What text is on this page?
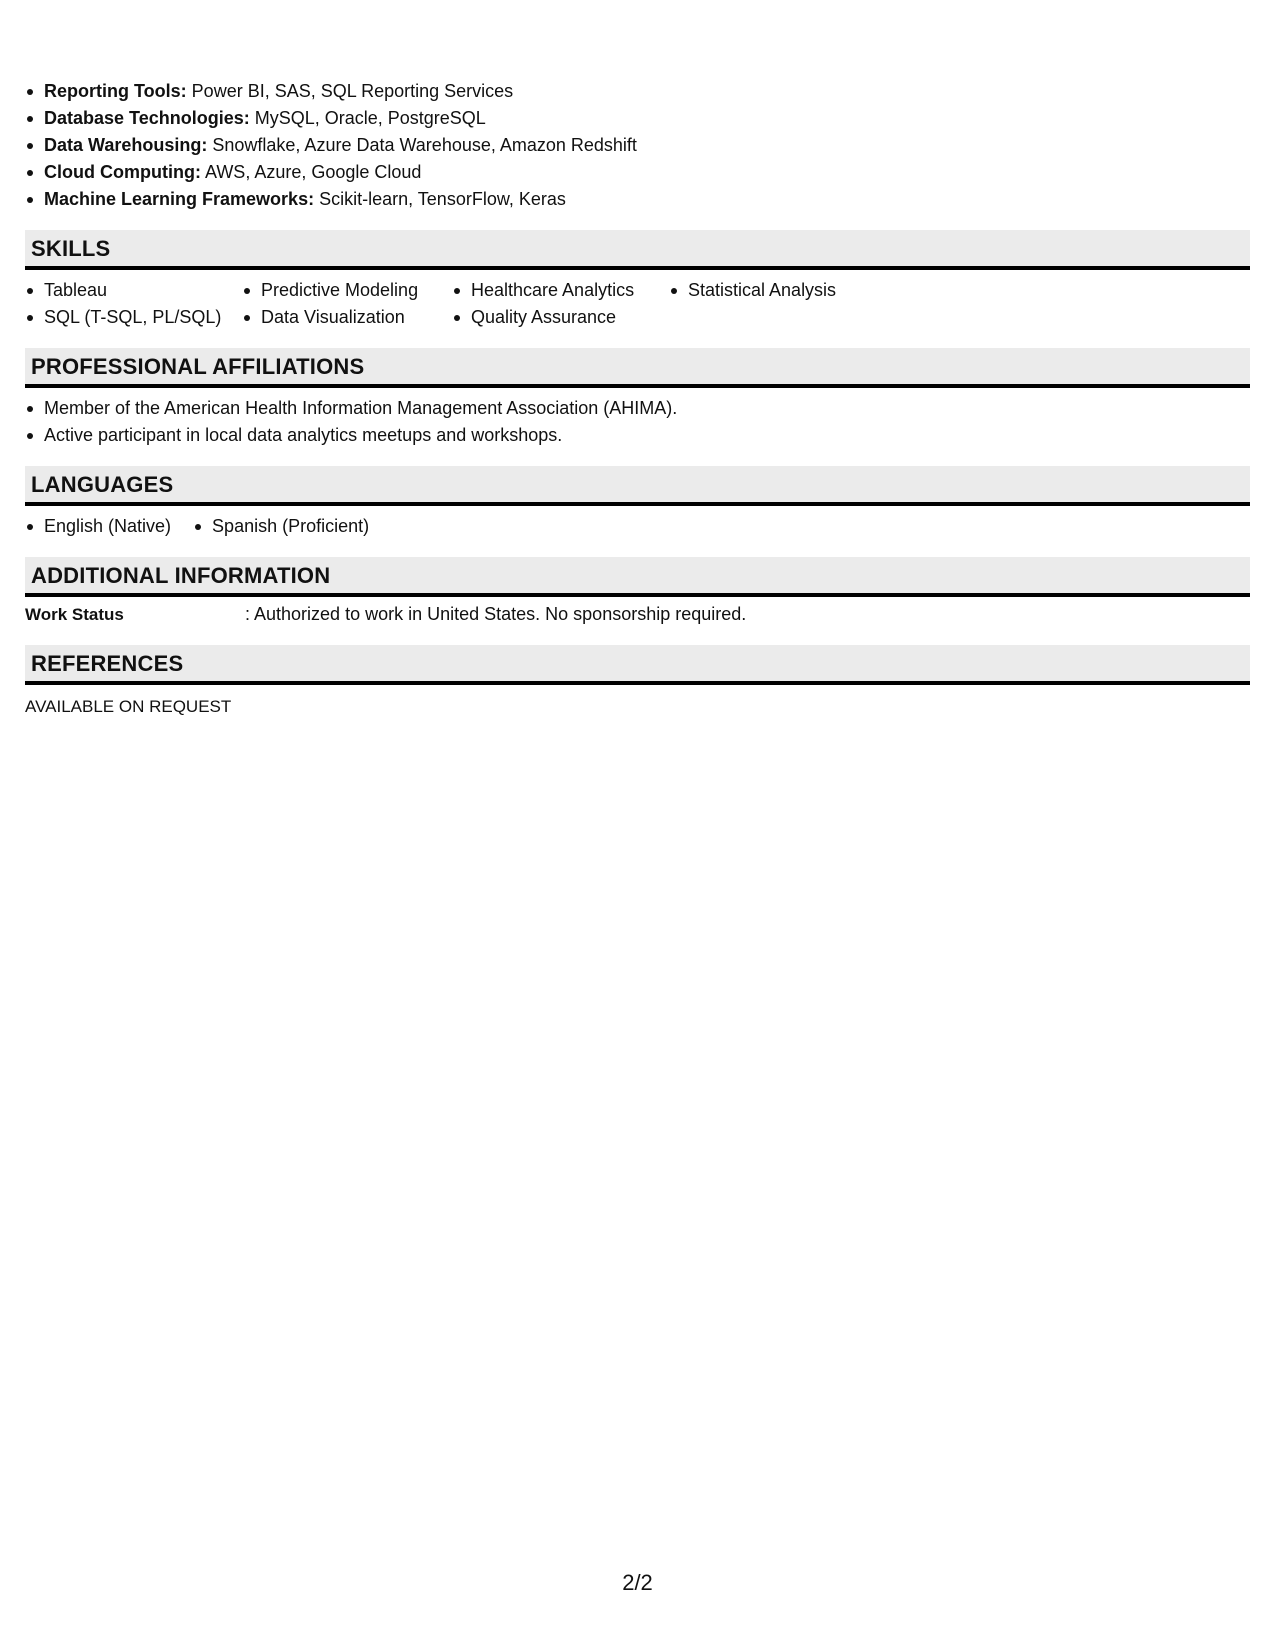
Reporting Tools: Power BI, SAS, SQL Reporting Services
Database Technologies: MySQL, Oracle, PostgreSQL
Data Warehousing: Snowflake, Azure Data Warehouse, Amazon Redshift
Cloud Computing: AWS, Azure, Google Cloud
Machine Learning Frameworks: Scikit-learn, TensorFlow, Keras
SKILLS
Tableau	Predictive Modeling	Healthcare Analytics	Statistical Analysis
SQL (T-SQL, PL/SQL)	Data Visualization	Quality Assurance
PROFESSIONAL AFFILIATIONS
Member of the American Health Information Management Association (AHIMA).
Active participant in local data analytics meetups and workshops.
LANGUAGES
English (Native)	Spanish (Proficient)
ADDITIONAL INFORMATION
Work Status	: Authorized to work in United States. No sponsorship required.
REFERENCES
AVAILABLE ON REQUEST
2/2
